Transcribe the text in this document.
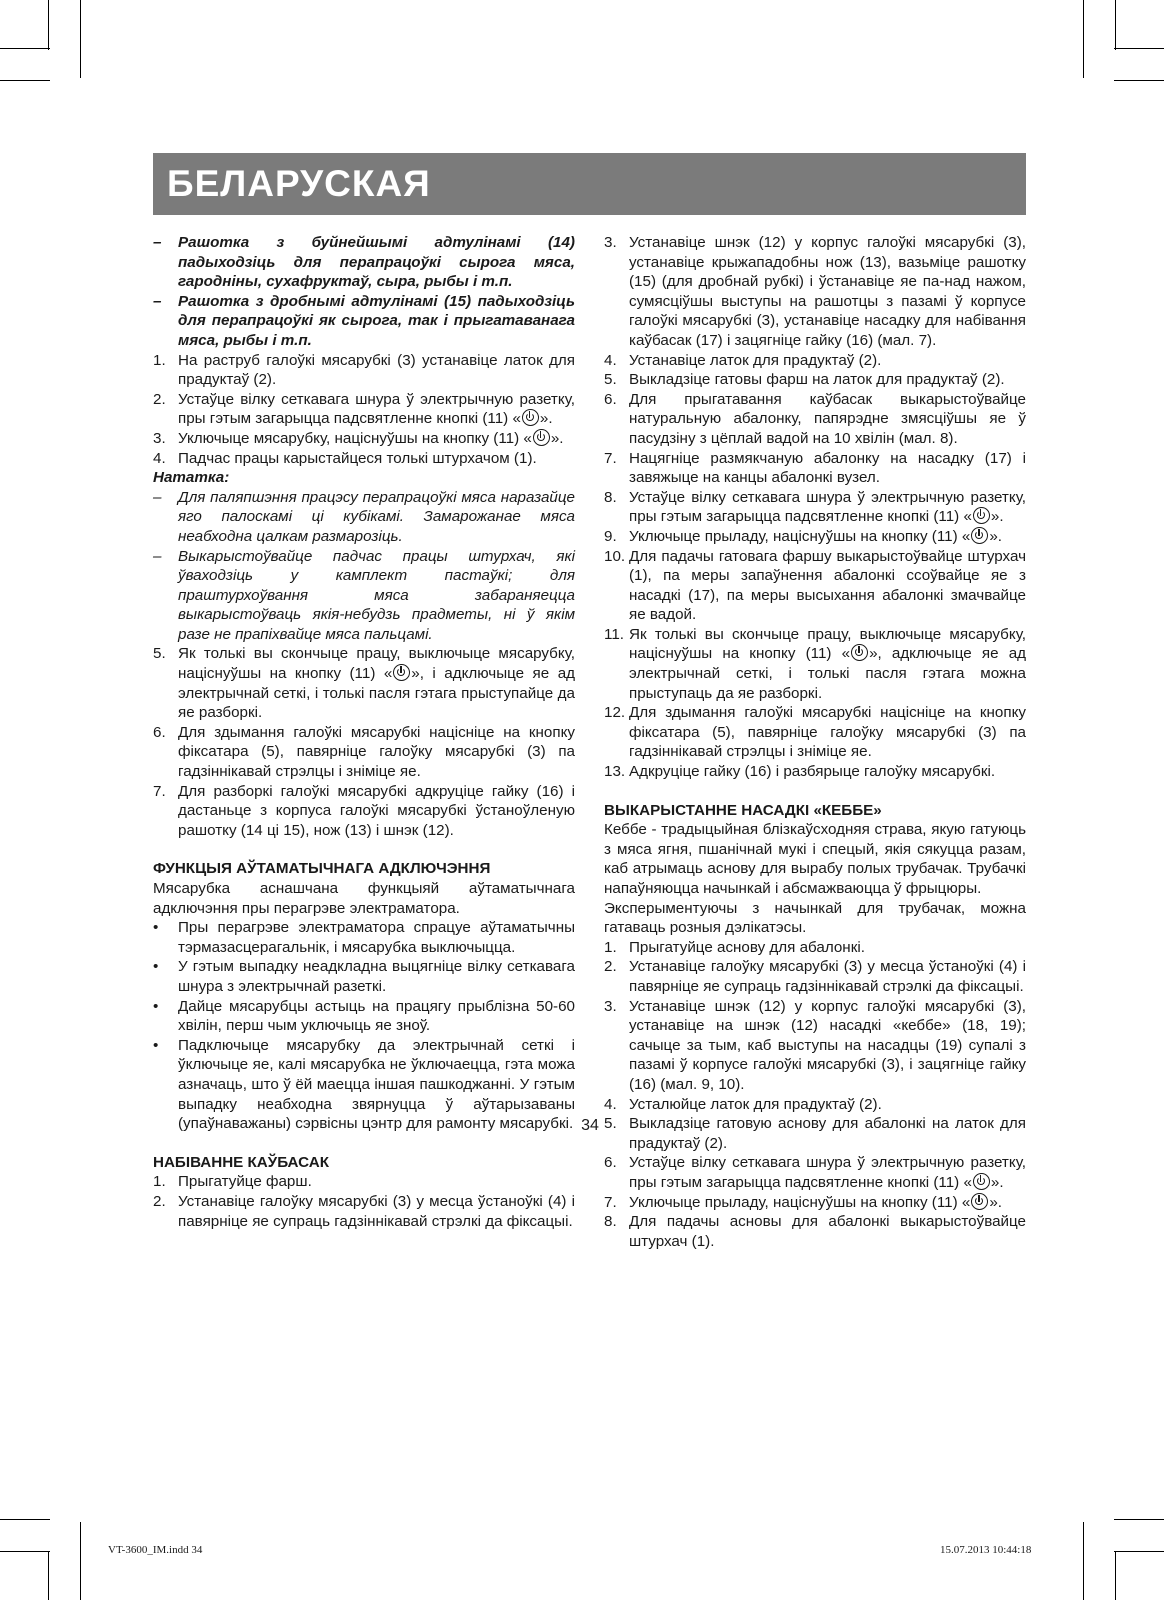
БЕЛАРУСКАЯ
–	Рашотка з буйнейшымі адтулінамі (14) падыходзіць для перапрацоўкі сырога мяса, гародніны, сухафруктаў, сыра, рыбы і т.п.
–	Рашотка з дробнымі адтулінамі (15) падыходзіць для перапрацоўкі як сырога, так і прыгатаванага мяса, рыбы і т.п.
1. На раструб галоўкі мясарубкі (3) устанавіце латок для прадуктаў (2).
2. Устаўце вілку сеткавага шнура ў электрычную разетку, пры гэтым загарыцца падсвятленне кнопкі (11) « ».
3. Уключыце мясарубку, націснуўшы на кнопку (11) « ».
4. Падчас працы карыстайцеся толькі штурхачом (1).
Нататка:
–	Для паляпшэння працэсу перапрацоўкі мяса наразайце яго палоскамі ці кубікамі. Замарожанае мяса неабходна цалкам размарозіць.
–	Выкарыстоўвайце падчас працы штурхач, які ўваходзіць у камплект пастаўкі; для праштурхоўвання мяса забараняецца выкарыстоўваць якія-небудзь прадметы, ні ў якім разе не прапіхвайце мяса пальцамі.
5. Як толькі вы скончыце працу, выключыце мясарубку, націснуўшы на кнопку (11) « », і адключыце яе ад электрычнай сеткі, і толькі пасля гэтага прыступайце да яе разборкі.
6. Для здымання галоўкі мясарубкі націсніце на кнопку фіксатара (5), павярніце галоўку мясарубкі (3) па гадзіннікавай стрэлцы і зніміце яе.
7. Для разборкі галоўкі мясарубкі адкруціце гайку (16) і дастаньце з корпуса галоўкі мясарубкі ўстаноўленую рашотку (14 ці 15), нож (13) і шнэк (12).
ФУНКЦЫЯ АЎТАМАТЫЧНАГА АДКЛЮЧЭННЯ
Мясарубка аснашчана функцыяй аўтаматычнага адключэння пры перагрэве электраматора.
•	Пры перагрэве электраматора спрацуе аўтаматычны тэрмазасцерагальнік, і мясарубка выключыцца.
•	У гэтым выпадку неадкладна выцягніце вілку сеткавага шнура з электрычнай разеткі.
•	Дайце мясарубцы астыць на працягу прыблізна 50-60 хвілін, перш чым уключыць яе зноў.
•	Падключыце мясарубку да электрычнай сеткі і ўключыце яе, калі мясарубка не ўключаецца, гэта можа азначаць, што ў ёй маецца іншая пашкоджанні. У гэтым выпадку неабходна звярнуцца ў аўтарызаваны (упаўнаважаны) сэрвісны цэнтр для рамонту мясарубкі.
НАБІВАННЕ КАЎБАСАК
1. Прыгатуйце фарш.
2. Устанавіце галоўку мясарубкі (3) у месца ўстаноўкі (4) і павярніце яе супраць гадзіннікавай стрэлкі да фіксацыі.
3. Устанавіце шнэк (12) у корпус галоўкі мясарубкі (3), устанавіце крыжападобны нож (13), вазьміце рашотку (15) (для дробнай рубкі) і ўстанавіце яе па-над нажом, сумясціўшы выступы на рашотцы з пазамі ў корпусе галоўкі мясарубкі (3), устанавіце насадку для набівання каўбасак (17) і зацягніце гайку (16) (мал. 7).
4. Устанавіце латок для прадуктаў (2).
5. Выкладзіце гатовы фарш на латок для прадуктаў (2).
6. Для прыгатавання каўбасак выкарыстоўвайце натуральную абалонку, папярэдне змясціўшы яе ў пасудзіну з цёплай вадой на 10 хвілін (мал. 8).
7. Нацягніце размякчаную абалонку на насадку (17) і завяжыце на канцы абалонкі вузел.
8. Устаўце вілку сеткавага шнура ў электрычную разетку, пры гэтым загарыцца падсвятленне кнопкі (11) « ».
9. Уключыце прыладу, націснуўшы на кнопку (11) « ».
10. Для падачы гатовага фаршу выкарыстоўвайце штурхач (1), па меры запаўнення абалонкі ссоўвайце яе з насадкі (17), па меры высыхання абалонкі змачвайце яе вадой.
11. Як толькі вы скончыце працу, выключыце мясарубку, націснуўшы на кнопку (11) « », адключыце яе ад электрычнай сеткі, і толькі пасля гэтага можна прыступаць да яе разборкі.
12. Для здымання галоўкі мясарубкі націсніце на кнопку фіксатара (5), павярніце галоўку мясарубкі (3) па гадзіннікавай стрэлцы і зніміце яе.
13. Адкруціце гайку (16) і разбярыце галоўку мясарубкі.
ВЫКАРЫСТАННЕ НАСАДКІ «КЕББЕ»
Кеббе - традыцыйная блізкаўсходняя страва, якую гатуюць з мяса ягня, пшанічнай мукі і спецый, якія сякуцца разам, каб атрымаць аснову для вырабу полых трубачак. Трубачкі напаўняюцца начынкай і абсмажваюцца ў фрыцюры.
Эксперыментуючы з начынкай для трубачак, можна гатаваць розныя дэлікатэсы.
1. Прыгатуйце аснову для абалонкі.
2. Устанавіце галоўку мясарубкі (3) у месца ўстаноўкі (4) і павярніце яе супраць гадзіннікавай стрэлкі да фіксацыі.
3. Устанавіце шнэк (12) у корпус галоўкі мясарубкі (3), устанавіце на шнэк (12) насадкі «кеббе» (18, 19); сачыце за тым, каб выступы на насадцы (19) супалі з пазамі ў корпусе галоўкі мясарубкі (3), і зацягніце гайку (16) (мал. 9, 10).
4. Усталюйце латок для прадуктаў (2).
5. Выкладзіце гатовую аснову для абалонкі на латок для прадуктаў (2).
6. Устаўце вілку сеткавага шнура ў электрычную разетку, пры гэтым загарыцца падсвятленне кнопкі (11) « ».
7. Уключыце прыладу, націснуўшы на кнопку (11) « ».
8. Для падачы асновы для абалонкі выкарыстоўвайце штурхач (1).
34
VT-3600_IM.indd 34	15.07.2013 10:44:18
